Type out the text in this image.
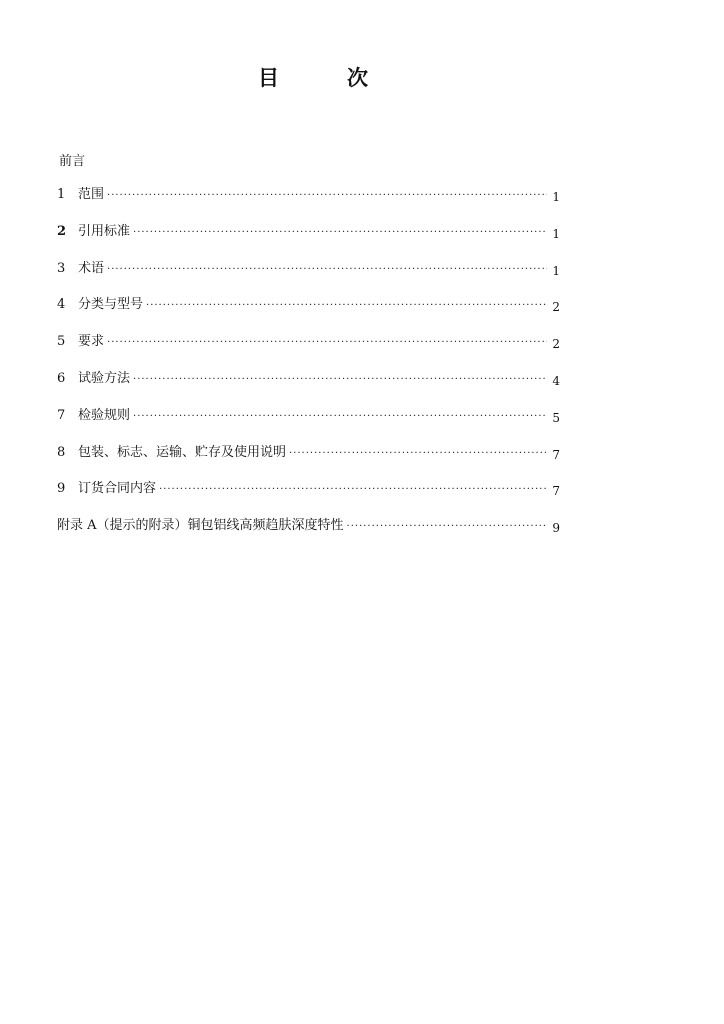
目	次
前言
1 范围 ·····	1
2 引用标准 ·····	1
3 术语 ·····	1
4 分类与型号 ·····	2
5 要求 ·····	2
6 试验方法 ·····	4
7 检验规则 ·····	5
8 包装、标志、运输、贮存及使用说明 ·····	7
9 订货合同内容 ·····	7
附录 A（提示的附录）铜包铝线高频趋肤深度特性 ·····	9
